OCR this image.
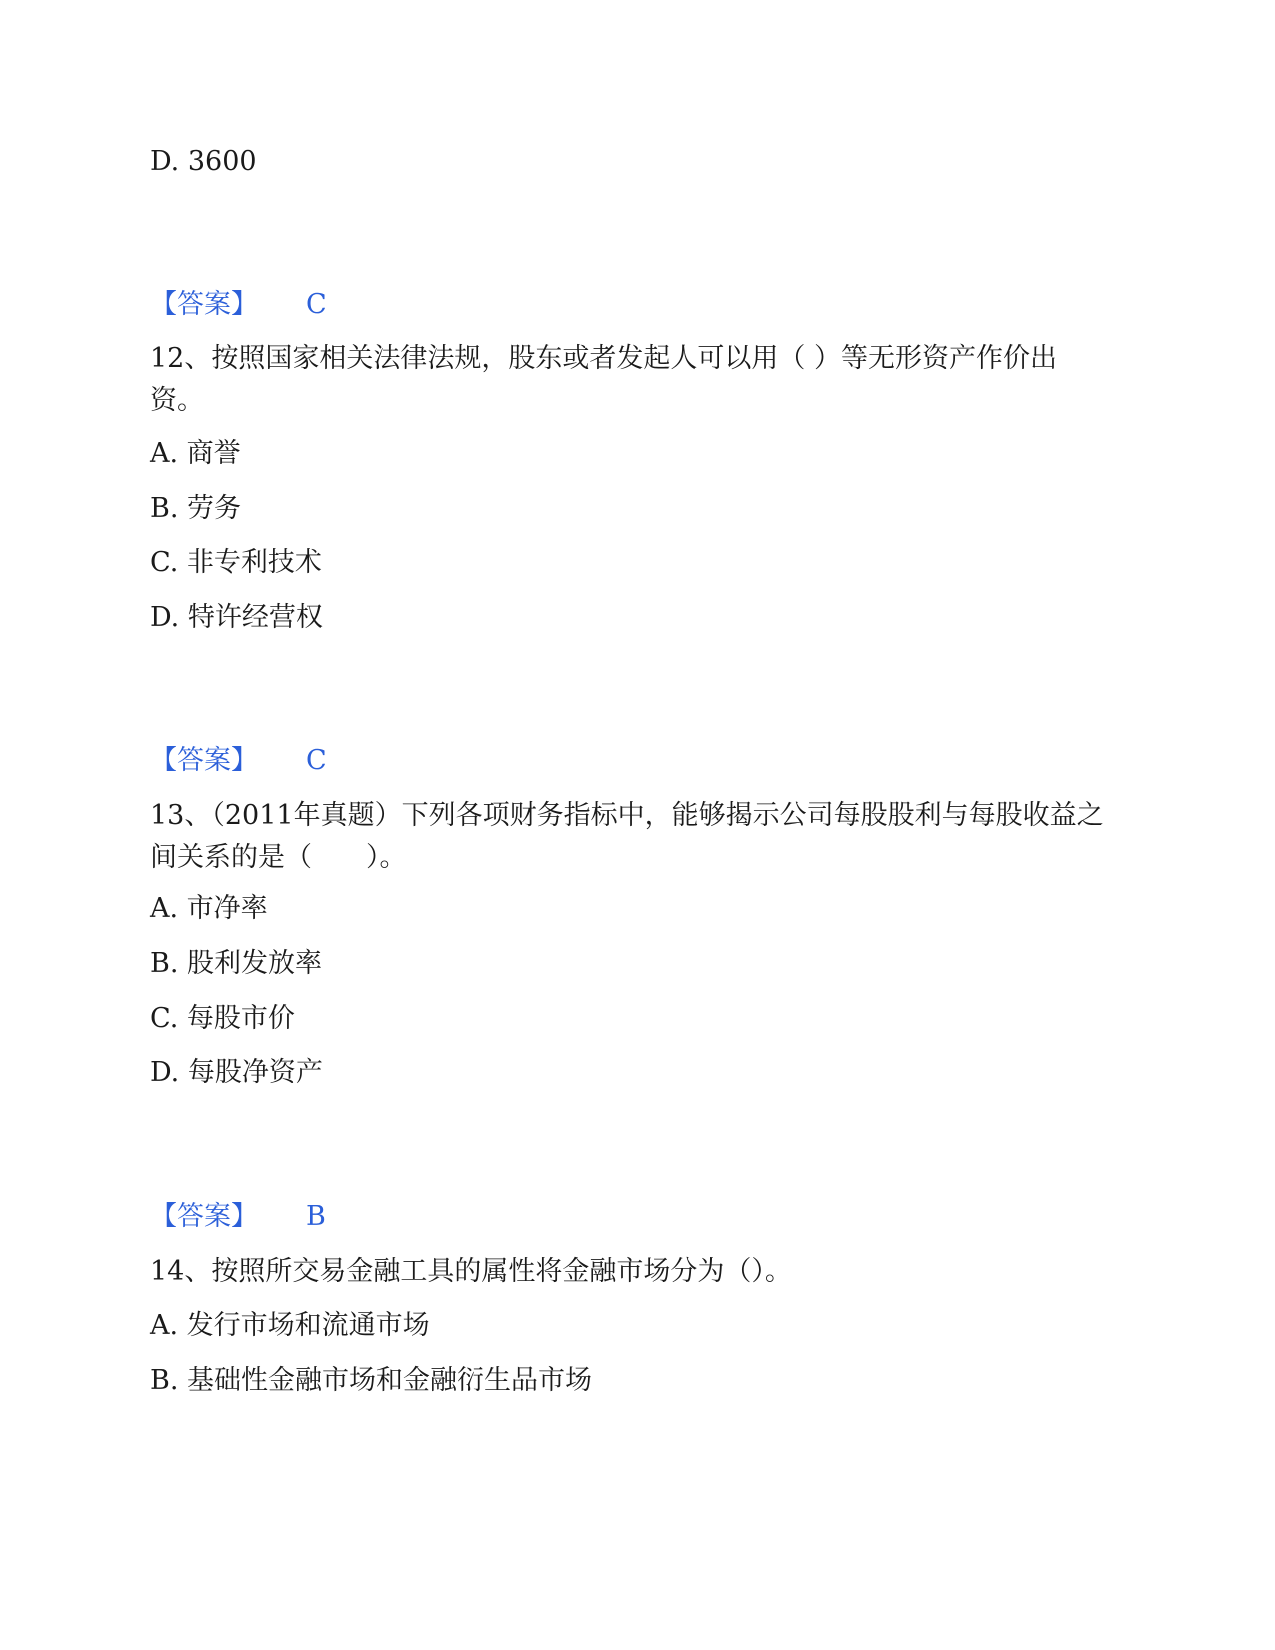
D. 3600
【答案】 C
12、按照国家相关法律法规，股东或者发起人可以用（ ）等无形资产作价出资。
A. 商誉
B. 劳务
C. 非专利技术
D. 特许经营权
【答案】 C
13、（2011年真题）下列各项财务指标中，能够揭示公司每股股利与每股收益之间关系的是（　　）。
A. 市净率
B. 股利发放率
C. 每股市价
D. 每股净资产
【答案】 B
14、按照所交易金融工具的属性将金融市场分为（）。
A. 发行市场和流通市场
B. 基础性金融市场和金融衍生品市场
